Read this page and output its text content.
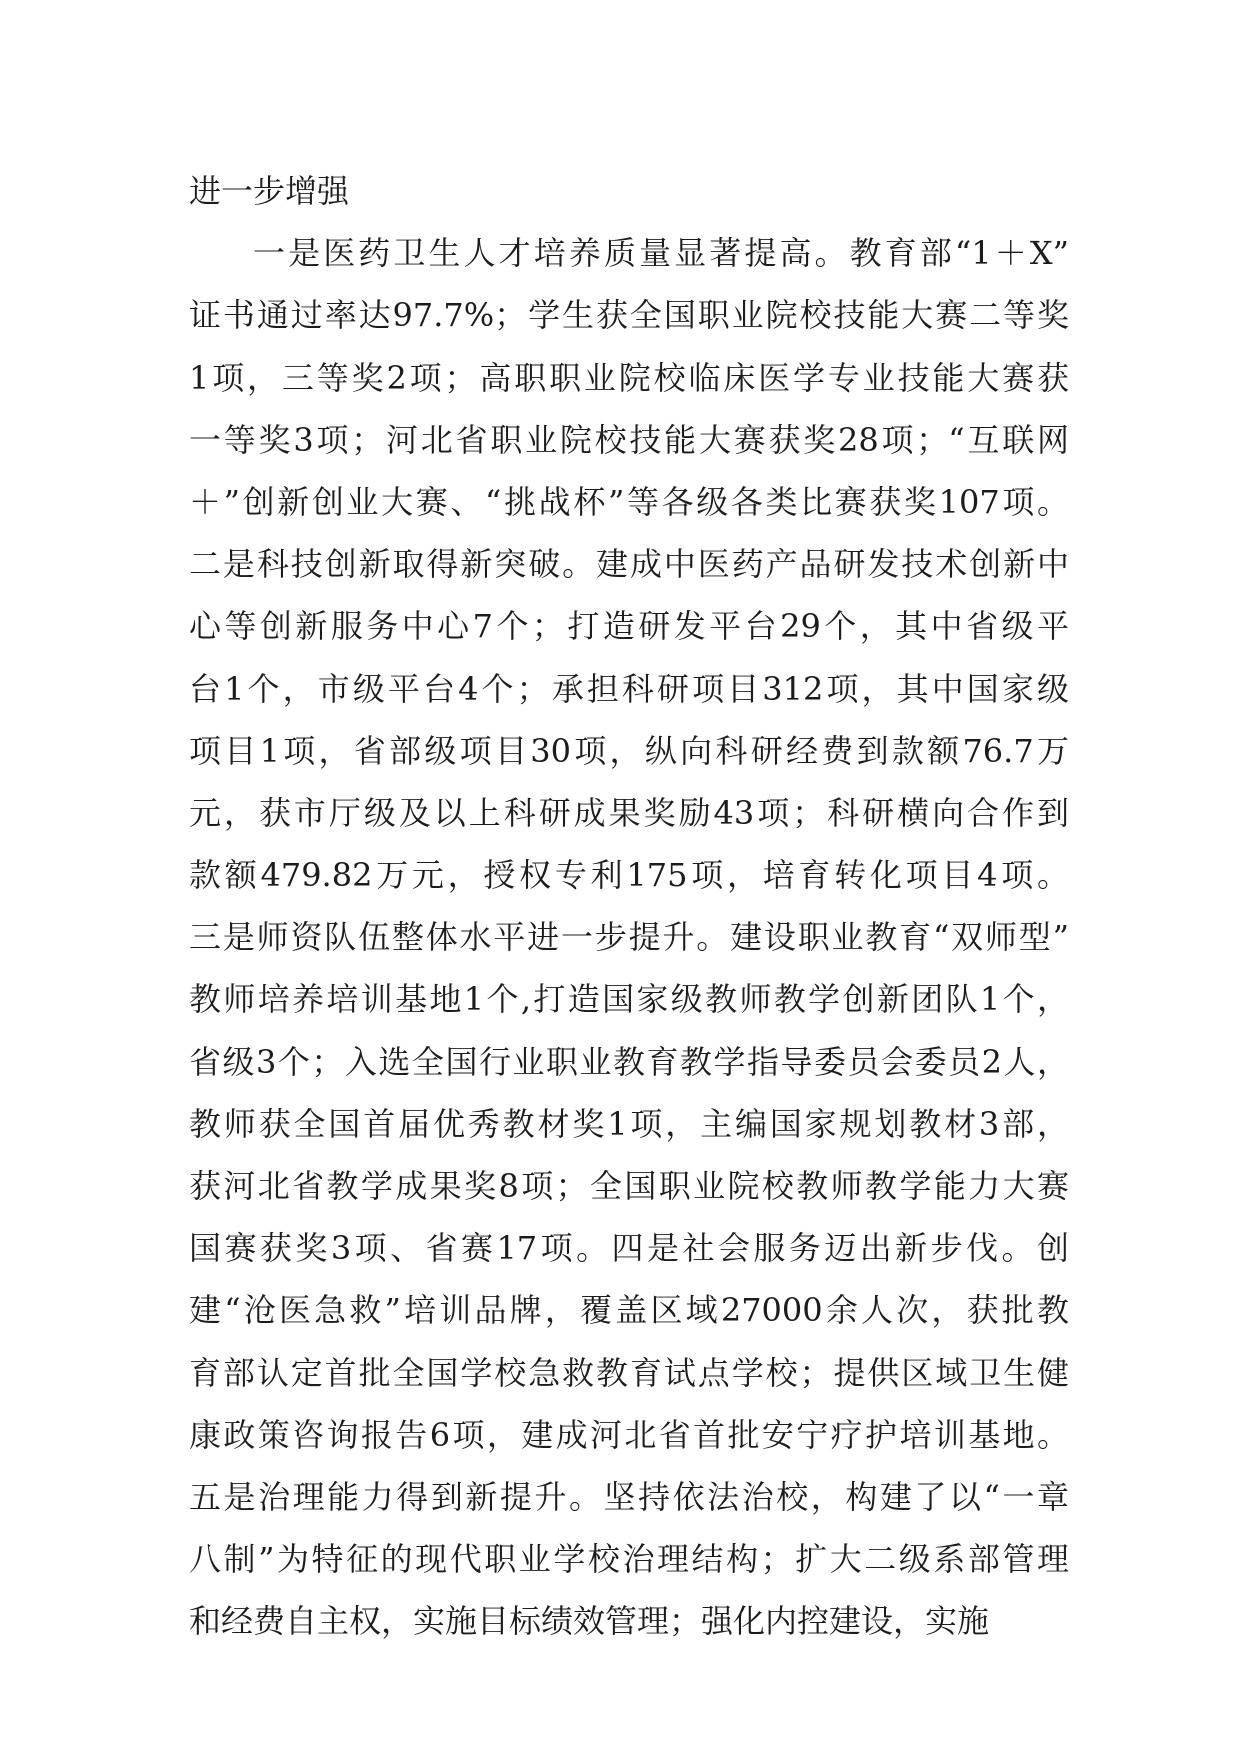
进一步增强
一是医药卫生人才培养质量显著提高。教育部“1＋X”
证书通过率达97.7%；学生获全国职业院校技能大赛二等奖
1项，三等奖2项；高职职业院校临床医学专业技能大赛获
一等奖3项；河北省职业院校技能大赛获奖28项；“互联网
＋”创新创业大赛、“挑战杯”等各级各类比赛获奖107项。
二是科技创新取得新突破。建成中医药产品研发技术创新中
心等创新服务中心7个；打造研发平台29个，其中省级平
台1个，市级平台4个；承担科研项目312项，其中国家级
项目1项，省部级项目30项，纵向科研经费到款额76.7万
元，获市厅级及以上科研成果奖励43项；科研横向合作到
款额479.82万元，授权专利175项，培育转化项目4项。
三是师资队伍整体水平进一步提升。建设职业教育“双师型”
教师培养培训基地1个,打造国家级教师教学创新团队1个，
省级3个；入选全国行业职业教育教学指导委员会委员2人，
教师获全国首届优秀教材奖1项，主编国家规划教材3部，
获河北省教学成果奖8项；全国职业院校教师教学能力大赛
国赛获奖3项、省赛17项。四是社会服务迈出新步伐。创
建“沧医急救”培训品牌，覆盖区域27000余人次，获批教
育部认定首批全国学校急救教育试点学校；提供区域卫生健
康政策咨询报告6项，建成河北省首批安宁疗护培训基地。
五是治理能力得到新提升。坚持依法治校，构建了以“一章
八制”为特征的现代职业学校治理结构；扩大二级系部管理
和经费自主权，实施目标绩效管理；强化内控建设，实施
